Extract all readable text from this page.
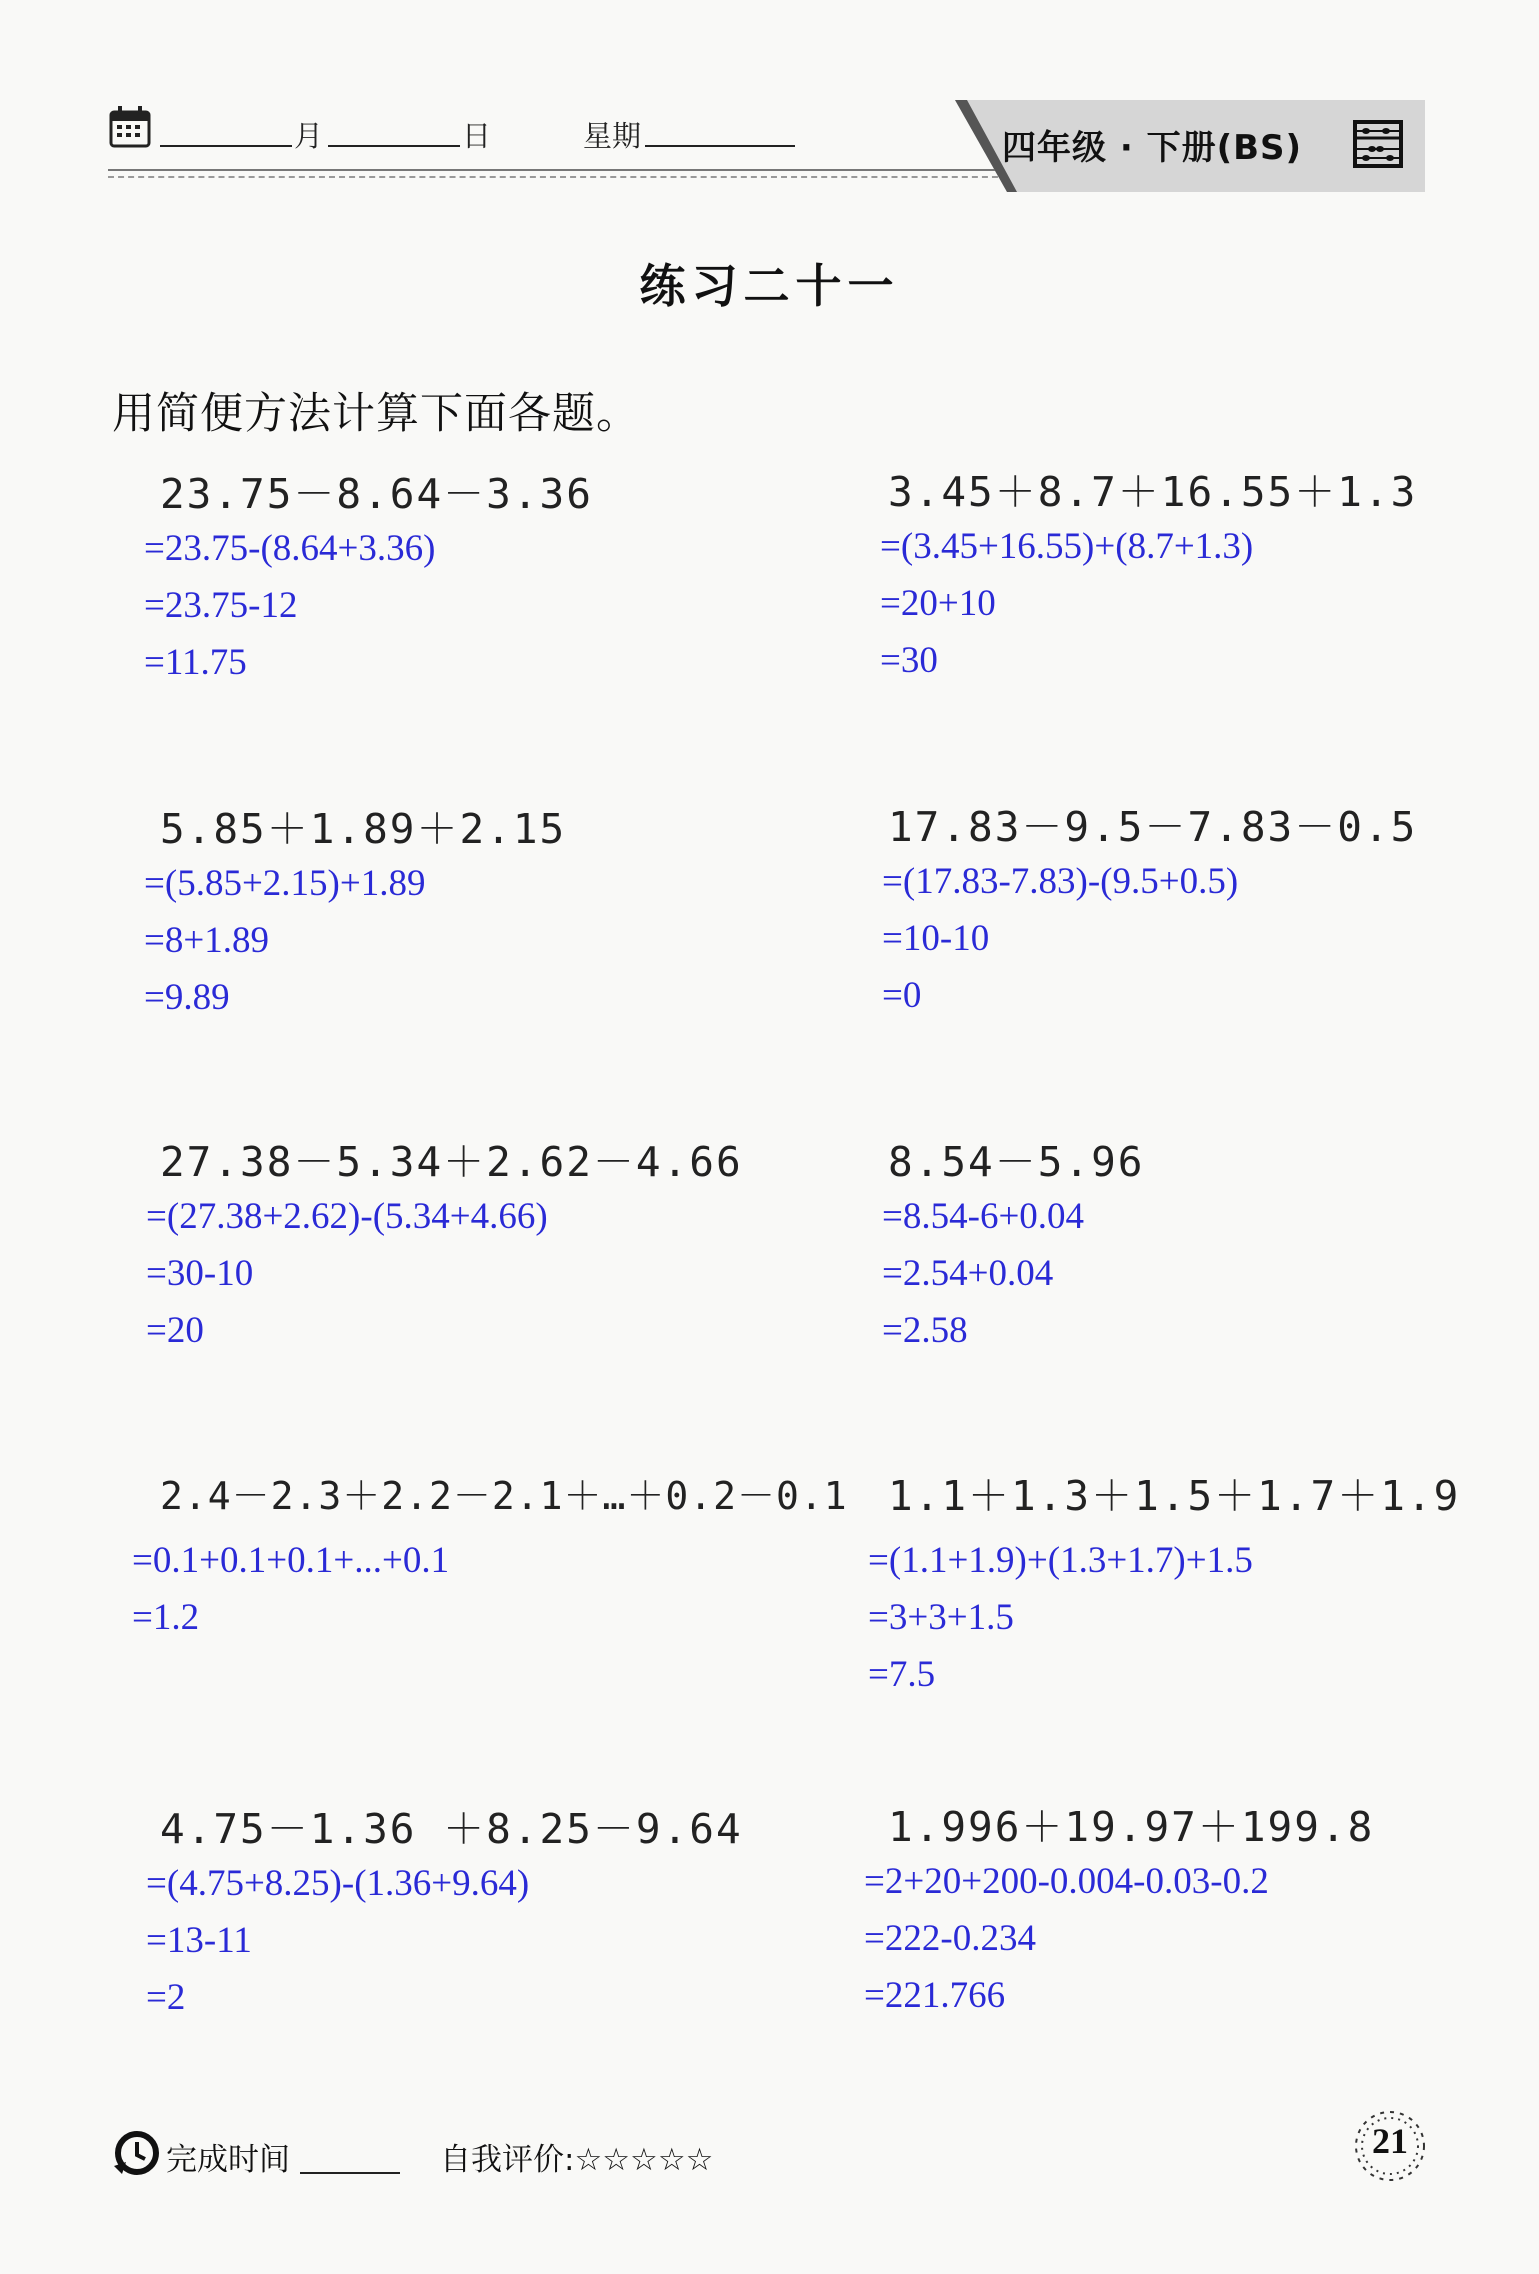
月	日	星期	四年级 · 下册(BS)
练习二十一
用简便方法计算下面各题。
23.75－8.64－3.36
=23.75-(8.64+3.36)
=23.75-12
=11.75
3.45＋8.7＋16.55＋1.3
=(3.45+16.55)+(8.7+1.3)
=20+10
=30
5.85＋1.89＋2.15
=(5.85+2.15)+1.89
=8+1.89
=9.89
17.83－9.5－7.83－0.5
=(17.83-7.83)-(9.5+0.5)
=10-10
=0
27.38－5.34＋2.62－4.66
=(27.38+2.62)-(5.34+4.66)
=30-10
=20
8.54－5.96
=8.54-6+0.04
=2.54+0.04
=2.58
2.4－2.3＋2.2－2.1＋…＋0.2－0.1
=0.1+0.1+0.1+...+0.1
=1.2
1.1＋1.3＋1.5＋1.7＋1.9
=(1.1+1.9)+(1.3+1.7)+1.5
=3+3+1.5
=7.5
4.75－1.36 ＋8.25－9.64
=(4.75+8.25)-(1.36+9.64)
=13-11
=2
1.996＋19.97＋199.8
=2+20+200-0.004-0.03-0.2
=222-0.234
=221.766
完成时间	自我评价:☆☆☆☆☆	21
